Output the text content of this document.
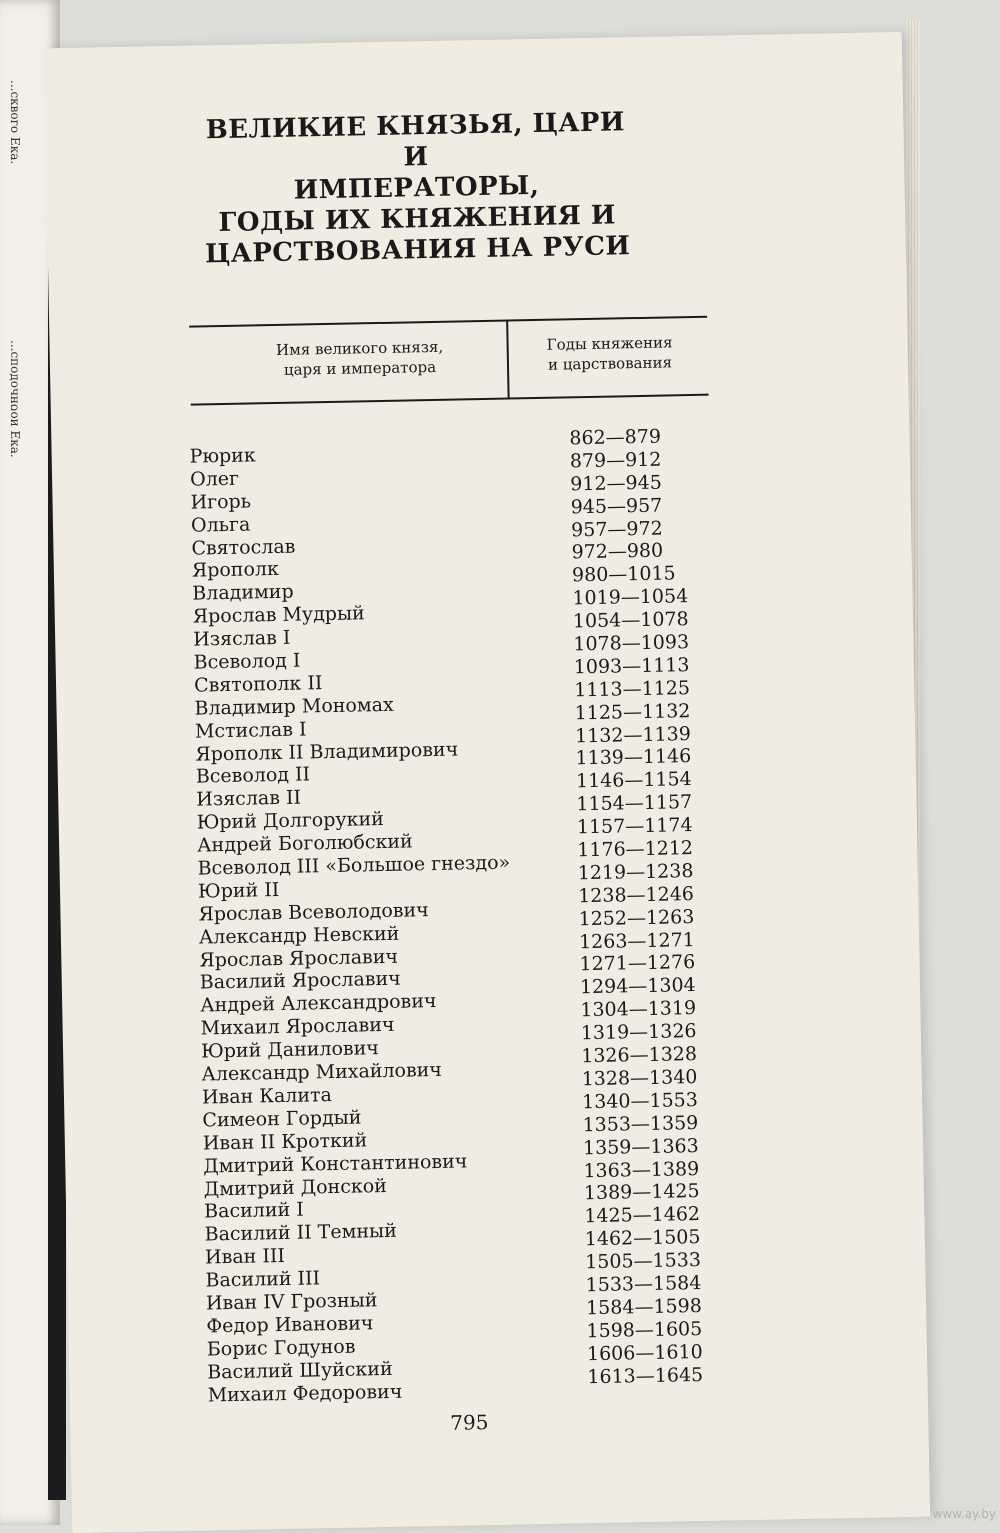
...сквого Ека.
...сподочно
...ои Ека.
ВЕЛИКИЕ КНЯЗЬЯ, ЦАРИ И
ИМПЕРАТОРЫ,
ГОДЫ ИХ КНЯЖЕНИЯ И
ЦАРСТВОВАНИЯ НА РУСИ
Имя великого князя,
царя и императора
Годы княжения
и царствования
Рюрик
862—879
Олег
879—912
Игорь
912—945
Ольга
945—957
Святослав
957—972
Ярополк
972—980
Владимир
980—1015
Ярослав Мудрый
1019—1054
Изяслав I
1054—1078
Всеволод I
1078—1093
Святополк II
1093—1113
Владимир Мономах
1113—1125
Мстислав I
1125—1132
Ярополк II Владимирович
1132—1139
Всеволод II
1139—1146
Изяслав II
1146—1154
Юрий Долгорукий
1154—1157
Андрей Боголюбский
1157—1174
Всеволод III «Большое гнездо»
1176—1212
Юрий II
1219—1238
Ярослав Всеволодович
1238—1246
Александр Невский
1252—1263
Ярослав Ярославич
1263—1271
Василий Ярославич
1271—1276
Андрей Александрович
1294—1304
Михаил Ярославич
1304—1319
Юрий Данилович
1319—1326
Александр Михайлович
1326—1328
Иван Калита
1328—1340
Симеон Гордый
1340—1553
Иван II Кроткий
1353—1359
Дмитрий Константинович
1359—1363
Дмитрий Донской
1363—1389
Василий I
1389—1425
Василий II Темный
1425—1462
Иван III
1462—1505
Василий III
1505—1533
Иван IV Грозный
1533—1584
Федор Иванович
1584—1598
Борис Годунов
1598—1605
Василий Шуйский
1606—1610
Михаил Федорович
1613—1645
795
www.ay.by
